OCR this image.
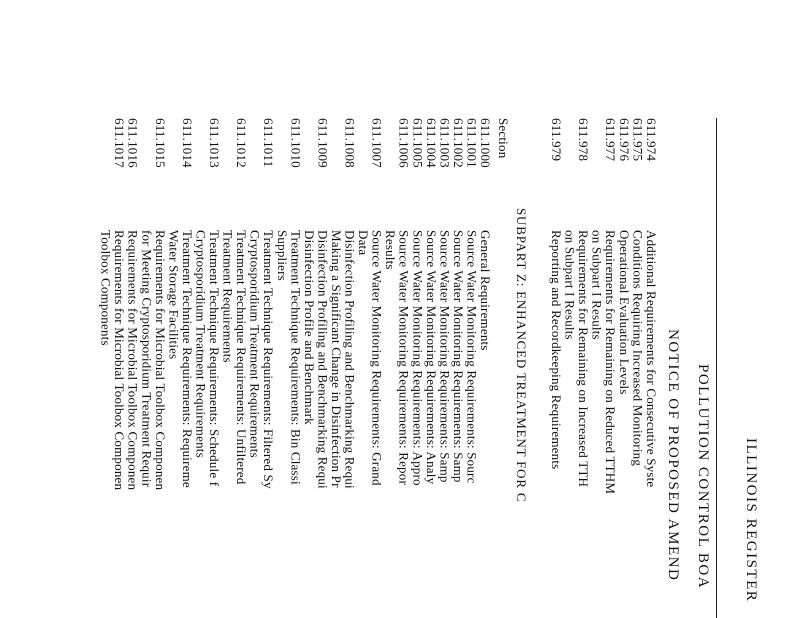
ILLINOIS REGISTER
POLLUTION CONTROL BOA
NOTICE OF PROPOSED AMEND
611.974
Additional Requirements for Consecutive Syste
611.975
Conditions Requiring Increased Monitoring
611.976
Operational Evaluation Levels
611.977
Requirements for Remaining on Reduced TTHM
on Subpart I Results
611.978
Requirements for Remaining on Increased TTH
on Subpart I Results
611.979
Reporting and Recordkeeping Requirements
SUBPART Z: ENHANCED TREATMENT FOR C
Section
611.1000
General Requirements
611.1001
Source Water Monitoring Requirements: Sourc
611.1002
Source Water Monitoring Requirements: Samp
611.1003
Source Water Monitoring Requirements: Samp
611.1004
Source Water Monitoring Requirements: Analy
611.1005
Source Water Monitoring Requirements: Appro
611.1006
Source Water Monitoring Requirements: Repor
Results
611.1007
Source Water Monitoring Requirements: Grand
Data
611.1008
Disinfection Profiling and Benchmarking Requi
Making a Significant Change in Disinfection Pr
611.1009
Disinfection Profiling and Benchmarking Requi
Disinfection Profile and Benchmark
611.1010
Treatment Technique Requirements: Bin Classi
Suppliers
611.1011
Treatment Technique Requirements: Filtered Sy
Cryptosporidium Treatment Requirements
611.1012
Treatment Technique Requirements: Unfiltered
Treatment Requirements
611.1013
Treatment Technique Requirements: Schedule f
Cryptosporidium Treatment Requirements
611.1014
Treatment Technique Requirements: Requireme
Water Storage Facilities
611.1015
Requirements for Microbial Toolbox Componen
for Meeting Cryptosporidium Treatment Requir
611.1016
Requirements for Microbial Toolbox Componen
611.1017
Requirements for Microbial Toolbox Componen
Toolbox Components
